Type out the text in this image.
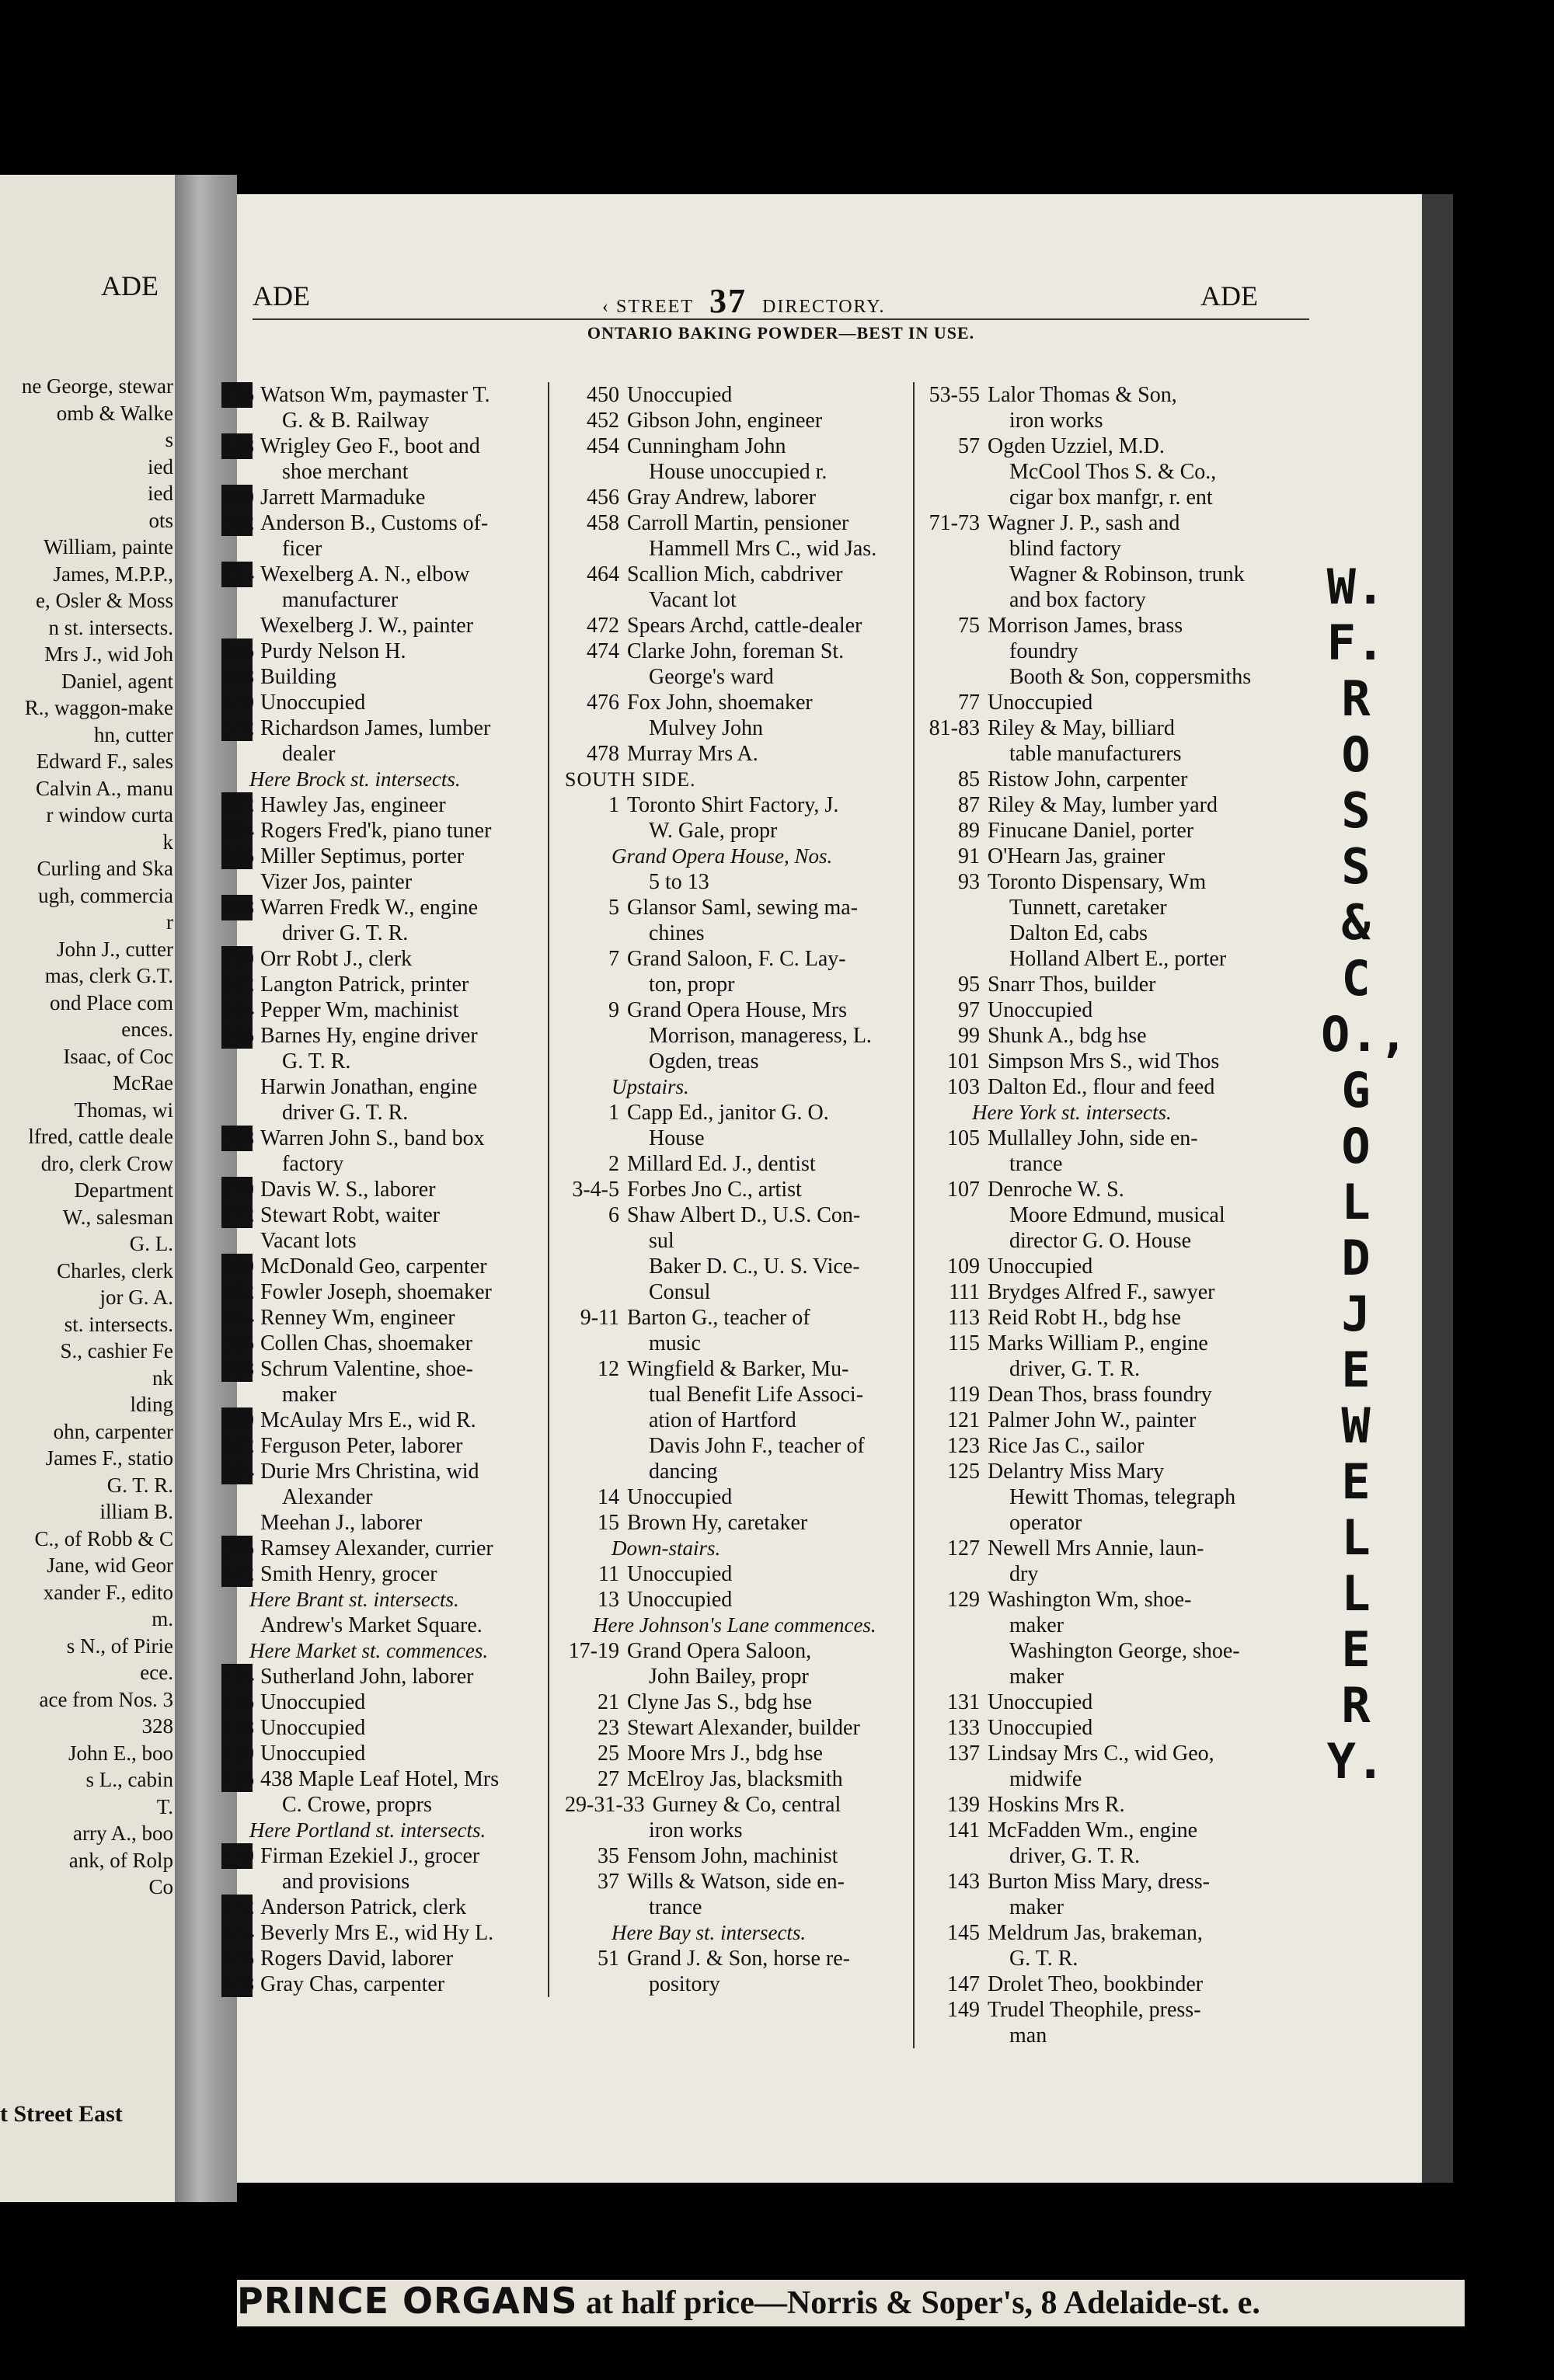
ADE
ne George, stewar
omb & Walke
s
ied
ied
ots
William, painte
James, M.P.P.,
e, Osler & Moss
n st. intersects.
Mrs J., wid Joh
Daniel, agent
R., waggon-make
hn, cutter
Edward F., sales
Calvin A., manu
r window curta
k
Curling and Ska
ugh, commercia
r
John J., cutter
mas, clerk G.T.
ond Place com
ences.
Isaac, of Coc
McRae
Thomas, wi
lfred, cattle deale
dro, clerk Crow
Department
W., salesman
G. L.
Charles, clerk
jor G. A.
st. intersects.
S., cashier Fe
nk
lding
ohn, carpenter
James F., statio
G. T. R.
illiam B.
C., of Robb & C
Jane, wid Geor
xander F., edito
m.
s N., of Pirie
ece.
ace from Nos. 3
328
John E., boo
s L., cabin
T.
arry A., boo
ank, of Rolp
Co
t Street East
ADE	‹ STREET 37 DIRECTORY.	ADE
ONTARIO BAKING POWDER—BEST IN USE.
326 Watson Wm, paymaster T.
G. & B. Railway
328 Wrigley Geo F., boot and
shoe merchant
330 Jarrett Marmaduke
332 Anderson B., Customs of-
ficer
334 Wexelberg A. N., elbow
manufacturer
Wexelberg J. W., painter
336 Purdy Nelson H.
338 Building
340 Unoccupied
342 Richardson James, lumber
dealer
Here Brock st. intersects.
352 Hawley Jas, engineer
354 Rogers Fred'k, piano tuner
356 Miller Septimus, porter
Vizer Jos, painter
358 Warren Fredk W., engine
driver G. T. R.
360 Orr Robt J., clerk
362 Langton Patrick, printer
364 Pepper Wm, machinist
366 Barnes Hy, engine driver
G. T. R.
Harwin Jonathan, engine
driver G. T. R.
368 Warren John S., band box
factory
370 Davis W. S., laborer
372 Stewart Robt, waiter
Vacant lots
380 McDonald Geo, carpenter
382 Fowler Joseph, shoemaker
384 Renney Wm, engineer
386 Collen Chas, shoemaker
388 Schrum Valentine, shoe-
maker
390 McAulay Mrs E., wid R.
392 Ferguson Peter, laborer
394 Durie Mrs Christina, wid
Alexander
Meehan J., laborer
396 Ramsey Alexander, currier
402 Smith Henry, grocer
Here Brant st. intersects.
Andrew's Market Square.
Here Market st. commences.
424 Sutherland John, laborer
426 Unoccupied
428 Unoccupied
430 Unoccupied
436 438 Maple Leaf Hotel, Mrs
C. Crowe, proprs
Here Portland st. intersects.
440 Firman Ezekiel J., grocer
and provisions
442 Anderson Patrick, clerk
444 Beverly Mrs E., wid Hy L.
446 Rogers David, laborer
448 Gray Chas, carpenter
450 Unoccupied
452 Gibson John, engineer
454 Cunningham John
House unoccupied r.
456 Gray Andrew, laborer
458 Carroll Martin, pensioner
Hammell Mrs C., wid Jas.
464 Scallion Mich, cabdriver
Vacant lot
472 Spears Archd, cattle-dealer
474 Clarke John, foreman St.
George's ward
476 Fox John, shoemaker
Mulvey John
478 Murray Mrs A.
SOUTH SIDE.
1 Toronto Shirt Factory, J.
W. Gale, propr
Grand Opera House, Nos.
5 to 13
5 Glansor Saml, sewing ma-
chines
7 Grand Saloon, F. C. Lay-
ton, propr
9 Grand Opera House, Mrs
Morrison, manageress, L.
Ogden, treas
Upstairs.
1 Capp Ed., janitor G. O.
House
2 Millard Ed. J., dentist
3-4-5 Forbes Jno C., artist
6 Shaw Albert D., U.S. Con-
sul
Baker D. C., U. S. Vice-
Consul
9-11 Barton G., teacher of
music
12 Wingfield & Barker, Mu-
tual Benefit Life Associ-
ation of Hartford
Davis John F., teacher of
dancing
14 Unoccupied
15 Brown Hy, caretaker
Down-stairs.
11 Unoccupied
13 Unoccupied
Here Johnson's Lane commences.
17-19 Grand Opera Saloon,
John Bailey, propr
21 Clyne Jas S., bdg hse
23 Stewart Alexander, builder
25 Moore Mrs J., bdg hse
27 McElroy Jas, blacksmith
29-31-33 Gurney & Co, central
iron works
35 Fensom John, machinist
37 Wills & Watson, side en-
trance
Here Bay st. intersects.
51 Grand J. & Son, horse re-
pository
53-55 Lalor Thomas & Son,
iron works
57 Ogden Uzziel, M.D.
McCool Thos S. & Co.,
cigar box manfgr, r. ent
71-73 Wagner J. P., sash and
blind factory
Wagner & Robinson, trunk
and box factory
75 Morrison James, brass
foundry
Booth & Son, coppersmiths
77 Unoccupied
81-83 Riley & May, billiard
table manufacturers
85 Ristow John, carpenter
87 Riley & May, lumber yard
89 Finucane Daniel, porter
91 O'Hearn Jas, grainer
93 Toronto Dispensary, Wm
Tunnett, caretaker
Dalton Ed, cabs
Holland Albert E., porter
95 Snarr Thos, builder
97 Unoccupied
99 Shunk A., bdg hse
101 Simpson Mrs S., wid Thos
103 Dalton Ed., flour and feed
Here York st. intersects.
105 Mullalley John, side en-
trance
107 Denroche W. S.
Moore Edmund, musical
director G. O. House
109 Unoccupied
111 Brydges Alfred F., sawyer
113 Reid Robt H., bdg hse
115 Marks William P., engine
driver, G. T. R.
119 Dean Thos, brass foundry
121 Palmer John W., painter
123 Rice Jas C., sailor
125 Delantry Miss Mary
Hewitt Thomas, telegraph
operator
127 Newell Mrs Annie, laun-
dry
129 Washington Wm, shoe-
maker
Washington George, shoe-
maker
131 Unoccupied
133 Unoccupied
137 Lindsay Mrs C., wid Geo,
midwife
139 Hoskins Mrs R.
141 McFadden Wm., engine
driver, G. T. R.
143 Burton Miss Mary, dress-
maker
145 Meldrum Jas, brakeman,
G. T. R.
147 Drolet Theo, bookbinder
149 Trudel Theophile, press-
man
W.
F.
R
O
S
S
&
C
O.,
G
O
L
D
J
E
W
E
L
L
E
R
Y.
PRINCE ORGANS at half price—Norris & Soper's, 8 Adelaide-st. e.
